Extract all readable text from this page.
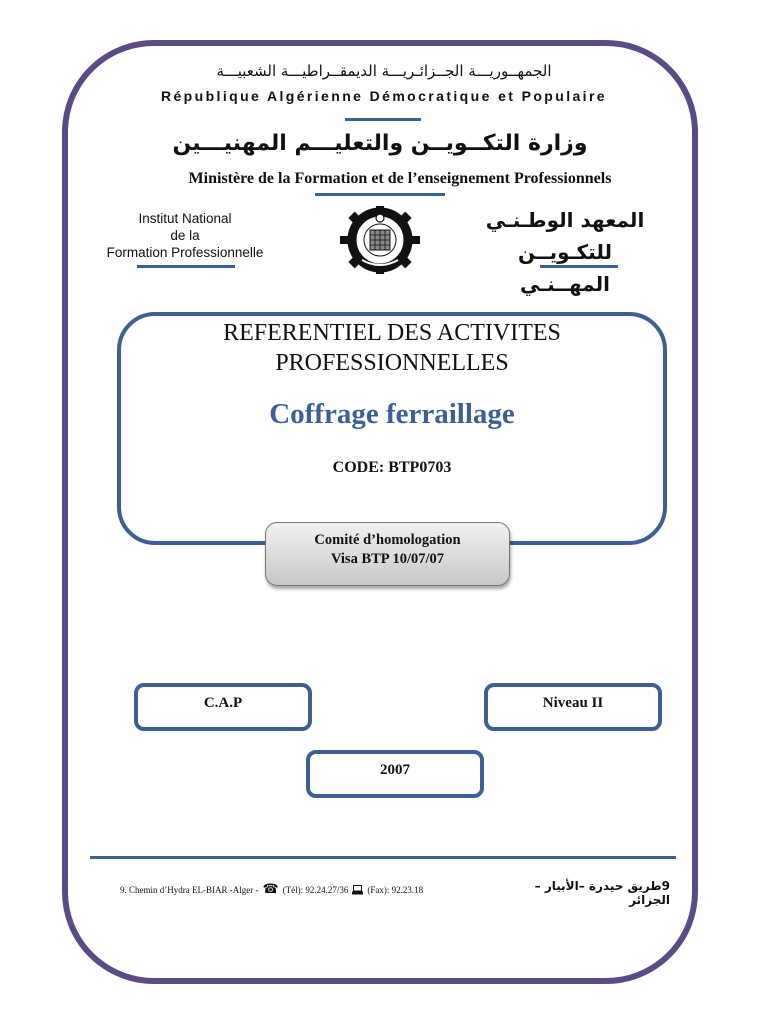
الجمهــوريـــة الجــزائـريـــة الديمقــراطيـــة الشعبيـــة
République Algérienne Démocratique et Populaire
وزارة التكــويــن والتعليـــم المهنيـــين
Ministère de la Formation et de l’enseignement Professionnels
Institut National
de la
Formation Professionnelle
المعهد الوطـنـي
للتكـويــن المهــنـي
REFERENTIEL DES ACTIVITES
PROFESSIONNELLES
Coffrage ferraillage
CODE: BTP0703
Comité d’homologation
Visa BTP 10/07/07
C.A.P	Niveau II
2007
9. Chemin d’Hydra EL-BIAR -Alger - ☎ (Tél): 92.24.27/36 (Fax): 92.23.18	9طريق حيدرة –الأبيار – الجزائر
